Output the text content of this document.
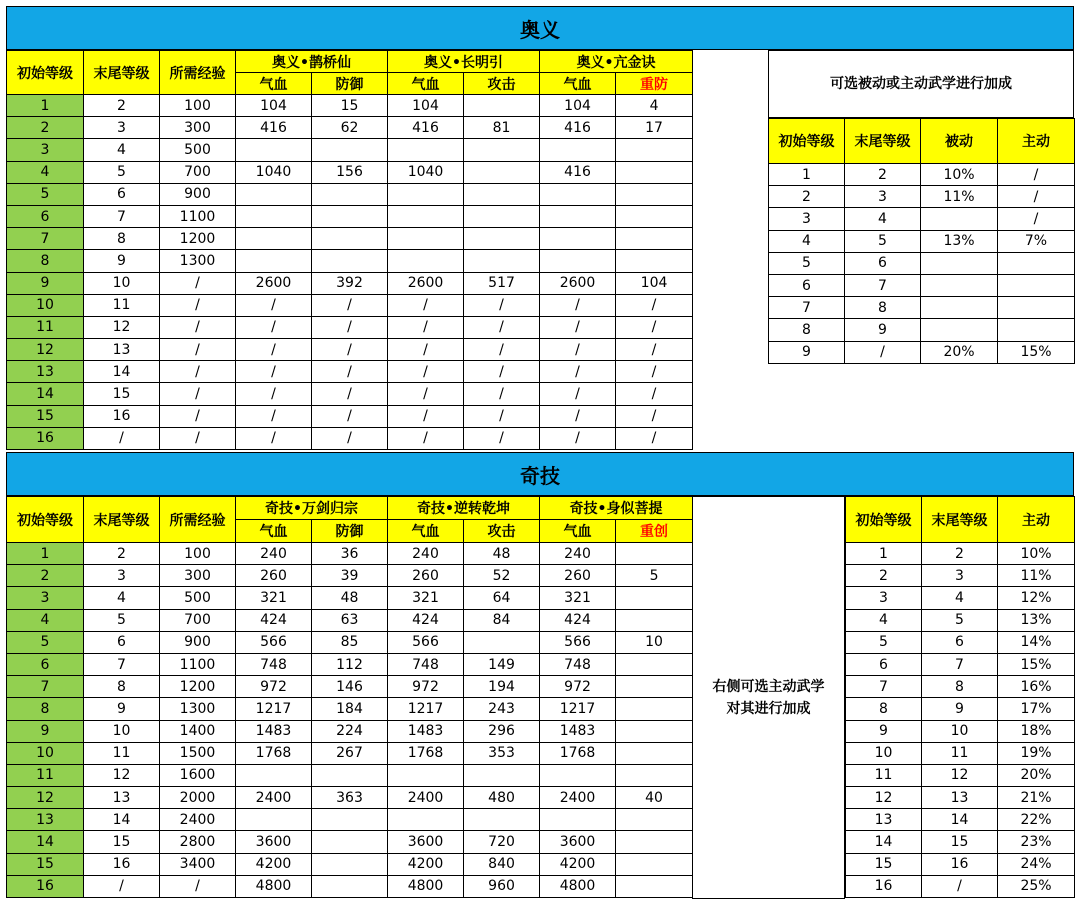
奥义
初始等级	末尾等级	所需经验	奥义•鹊桥仙		奥义•长明引		奥义•亢金诀	
			气血	防御	气血	攻击	气血	重防
1	2	100	104	15	104		104	4
2	3	300	416	62	416	81	416	17
3	4	500						
4	5	700	1040	156	1040		416	
5	6	900						
6	7	1100						
7	8	1200						
8	9	1300						
9	10	/	2600	392	2600	517	2600	104
10	11	/	/	/	/	/	/	/
11	12	/	/	/	/	/	/	/
12	13	/	/	/	/	/	/	/
13	14	/	/	/	/	/	/	/
14	15	/	/	/	/	/	/	/
15	16	/	/	/	/	/	/	/
16	/	/	/	/	/	/	/	/
可选被动或主动武学进行加成
初始等级	末尾等级	被动	主动
1	2	10%	/
2	3	11%	/
3	4		/
4	5	13%	7%
5	6		
6	7		
7	8		
8	9		
9	/	20%	15%
奇技
初始等级	末尾等级	所需经验	奇技•万剑归宗		奇技•逆转乾坤		奇技•身似菩提	
			气血	防御	气血	攻击	气血	重创
1	2	100	240	36	240	48	240	
2	3	300	260	39	260	52	260	5
3	4	500	321	48	321	64	321	
4	5	700	424	63	424	84	424	
5	6	900	566	85	566		566	10
6	7	1100	748	112	748	149	748	
7	8	1200	972	146	972	194	972	
8	9	1300	1217	184	1217	243	1217	
9	10	1400	1483	224	1483	296	1483	
10	11	1500	1768	267	1768	353	1768	
11	12	1600						
12	13	2000	2400	363	2400	480	2400	40
13	14	2400						
14	15	2800	3600		3600	720	3600	
15	16	3400	4200		4200	840	4200	
16	/	/	4800		4800	960	4800	
右侧可选主动武学
对其进行加成
初始等级	末尾等级	主动
1	2	10%
2	3	11%
3	4	12%
4	5	13%
5	6	14%
6	7	15%
7	8	16%
8	9	17%
9	10	18%
10	11	19%
11	12	20%
12	13	21%
13	14	22%
14	15	23%
15	16	24%
16	/	25%
